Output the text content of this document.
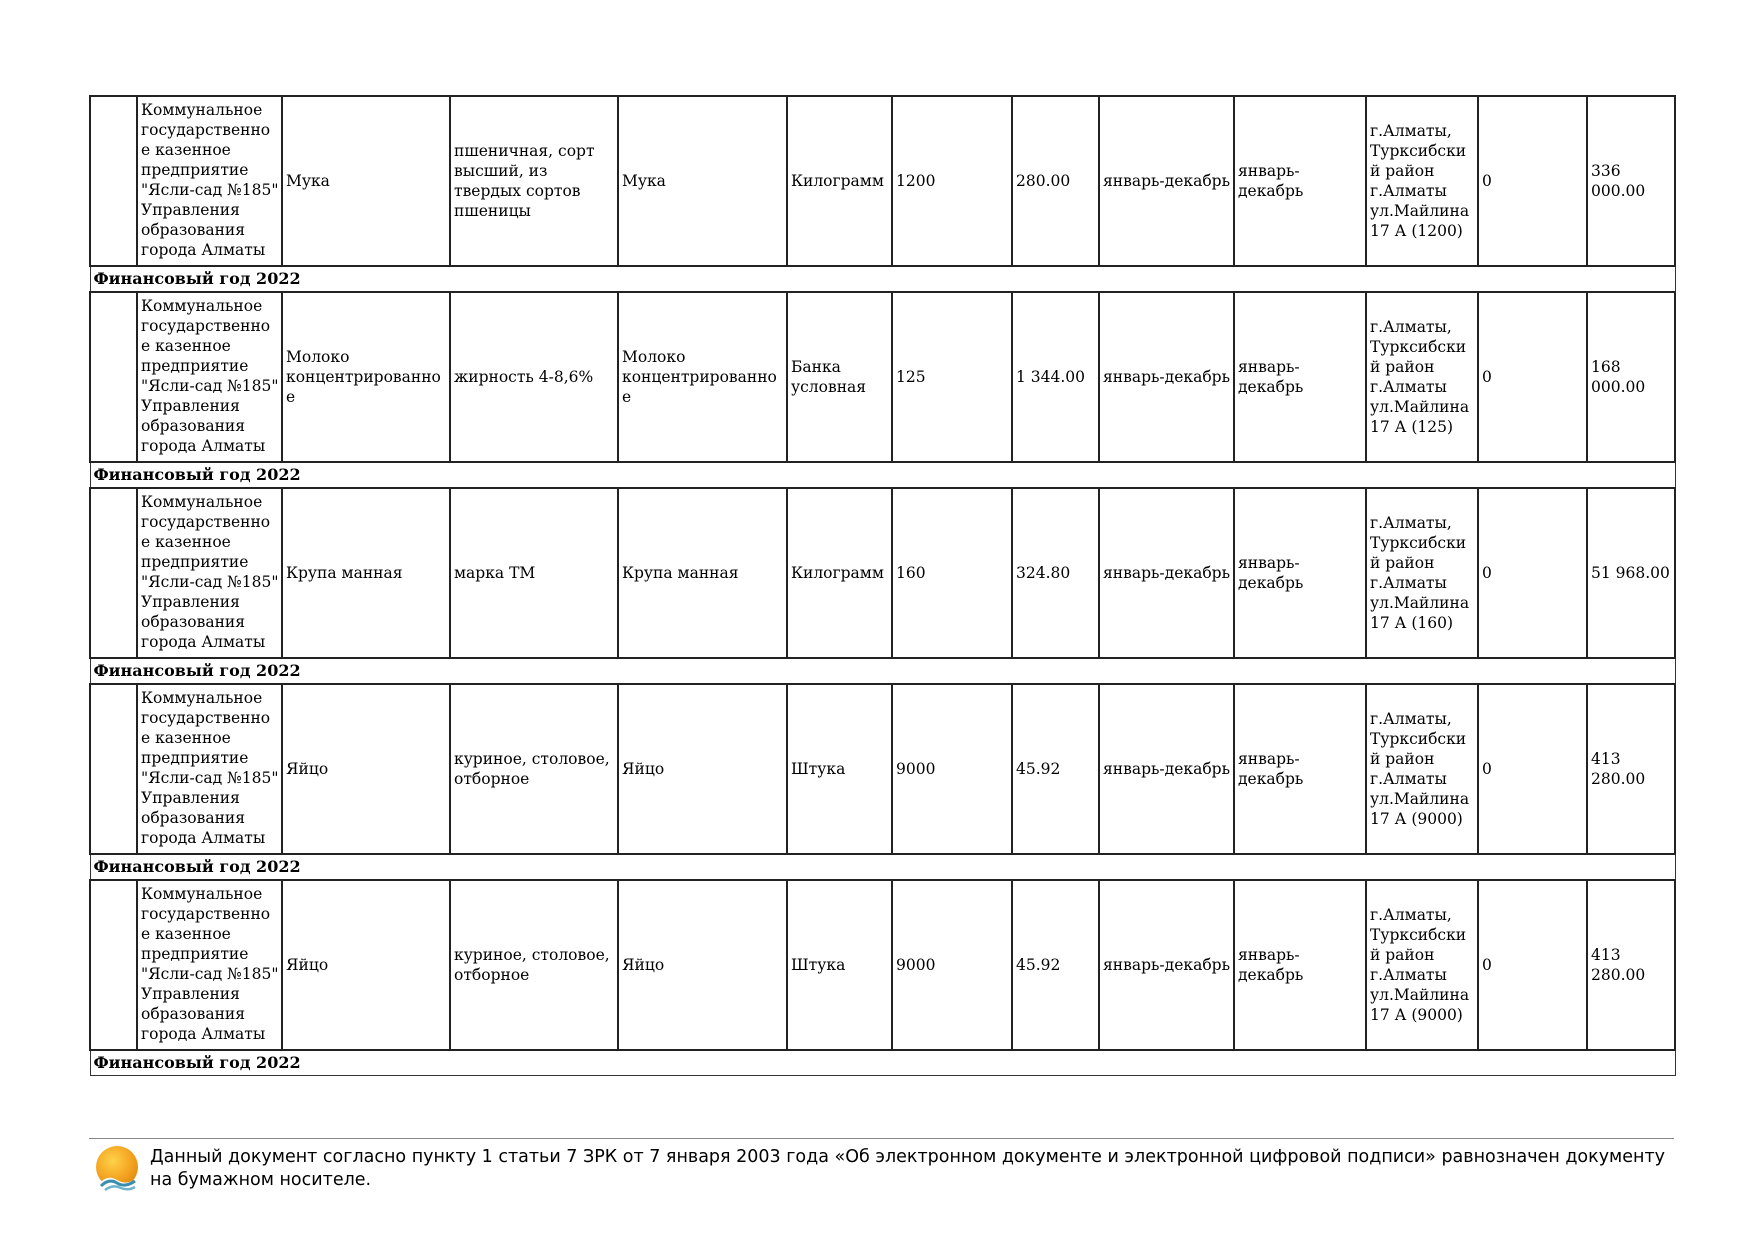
	Коммунальное государственное казенное предприятие "Ясли-сад №185" Управления образования города Алматы	Мука	пшеничная, сорт высший, из твердых сортов пшеницы	Мука	Килограмм	1200	280.00	январь-декабрь	январь-декабрь	г.Алматы, Турксибский район г.Алматы ул.Майлина 17 А (1200)	0	336 000.00
Финансовый год 2022												
	Коммунальное государственное казенное предприятие "Ясли-сад №185" Управления образования города Алматы	Молоко концентрированное	жирность 4-8,6%	Молоко концентрированное	Банка условная	125	1 344.00	январь-декабрь	январь-декабрь	г.Алматы, Турксибский район г.Алматы ул.Майлина 17 А (125)	0	168 000.00
Финансовый год 2022												
	Коммунальное государственное казенное предприятие "Ясли-сад №185" Управления образования города Алматы	Крупа манная	марка ТМ	Крупа манная	Килограмм	160	324.80	январь-декабрь	январь-декабрь	г.Алматы, Турксибский район г.Алматы ул.Майлина 17 А (160)	0	51 968.00
Финансовый год 2022												
	Коммунальное государственное казенное предприятие "Ясли-сад №185" Управления образования города Алматы	Яйцо	куриное, столовое, отборное	Яйцо	Штука	9000	45.92	январь-декабрь	январь-декабрь	г.Алматы, Турксибский район г.Алматы ул.Майлина 17 А (9000)	0	413 280.00
Финансовый год 2022												
	Коммунальное государственное казенное предприятие "Ясли-сад №185" Управления образования города Алматы	Яйцо	куриное, столовое, отборное	Яйцо	Штука	9000	45.92	январь-декабрь	январь-декабрь	г.Алматы, Турксибский район г.Алматы ул.Майлина 17 А (9000)	0	413 280.00
Финансовый год 2022												
Данный документ согласно пункту 1 статьи 7 ЗРК от 7 января 2003 года «Об электронном документе и электронной цифровой подписи» равнозначен документу на бумажном носителе.
